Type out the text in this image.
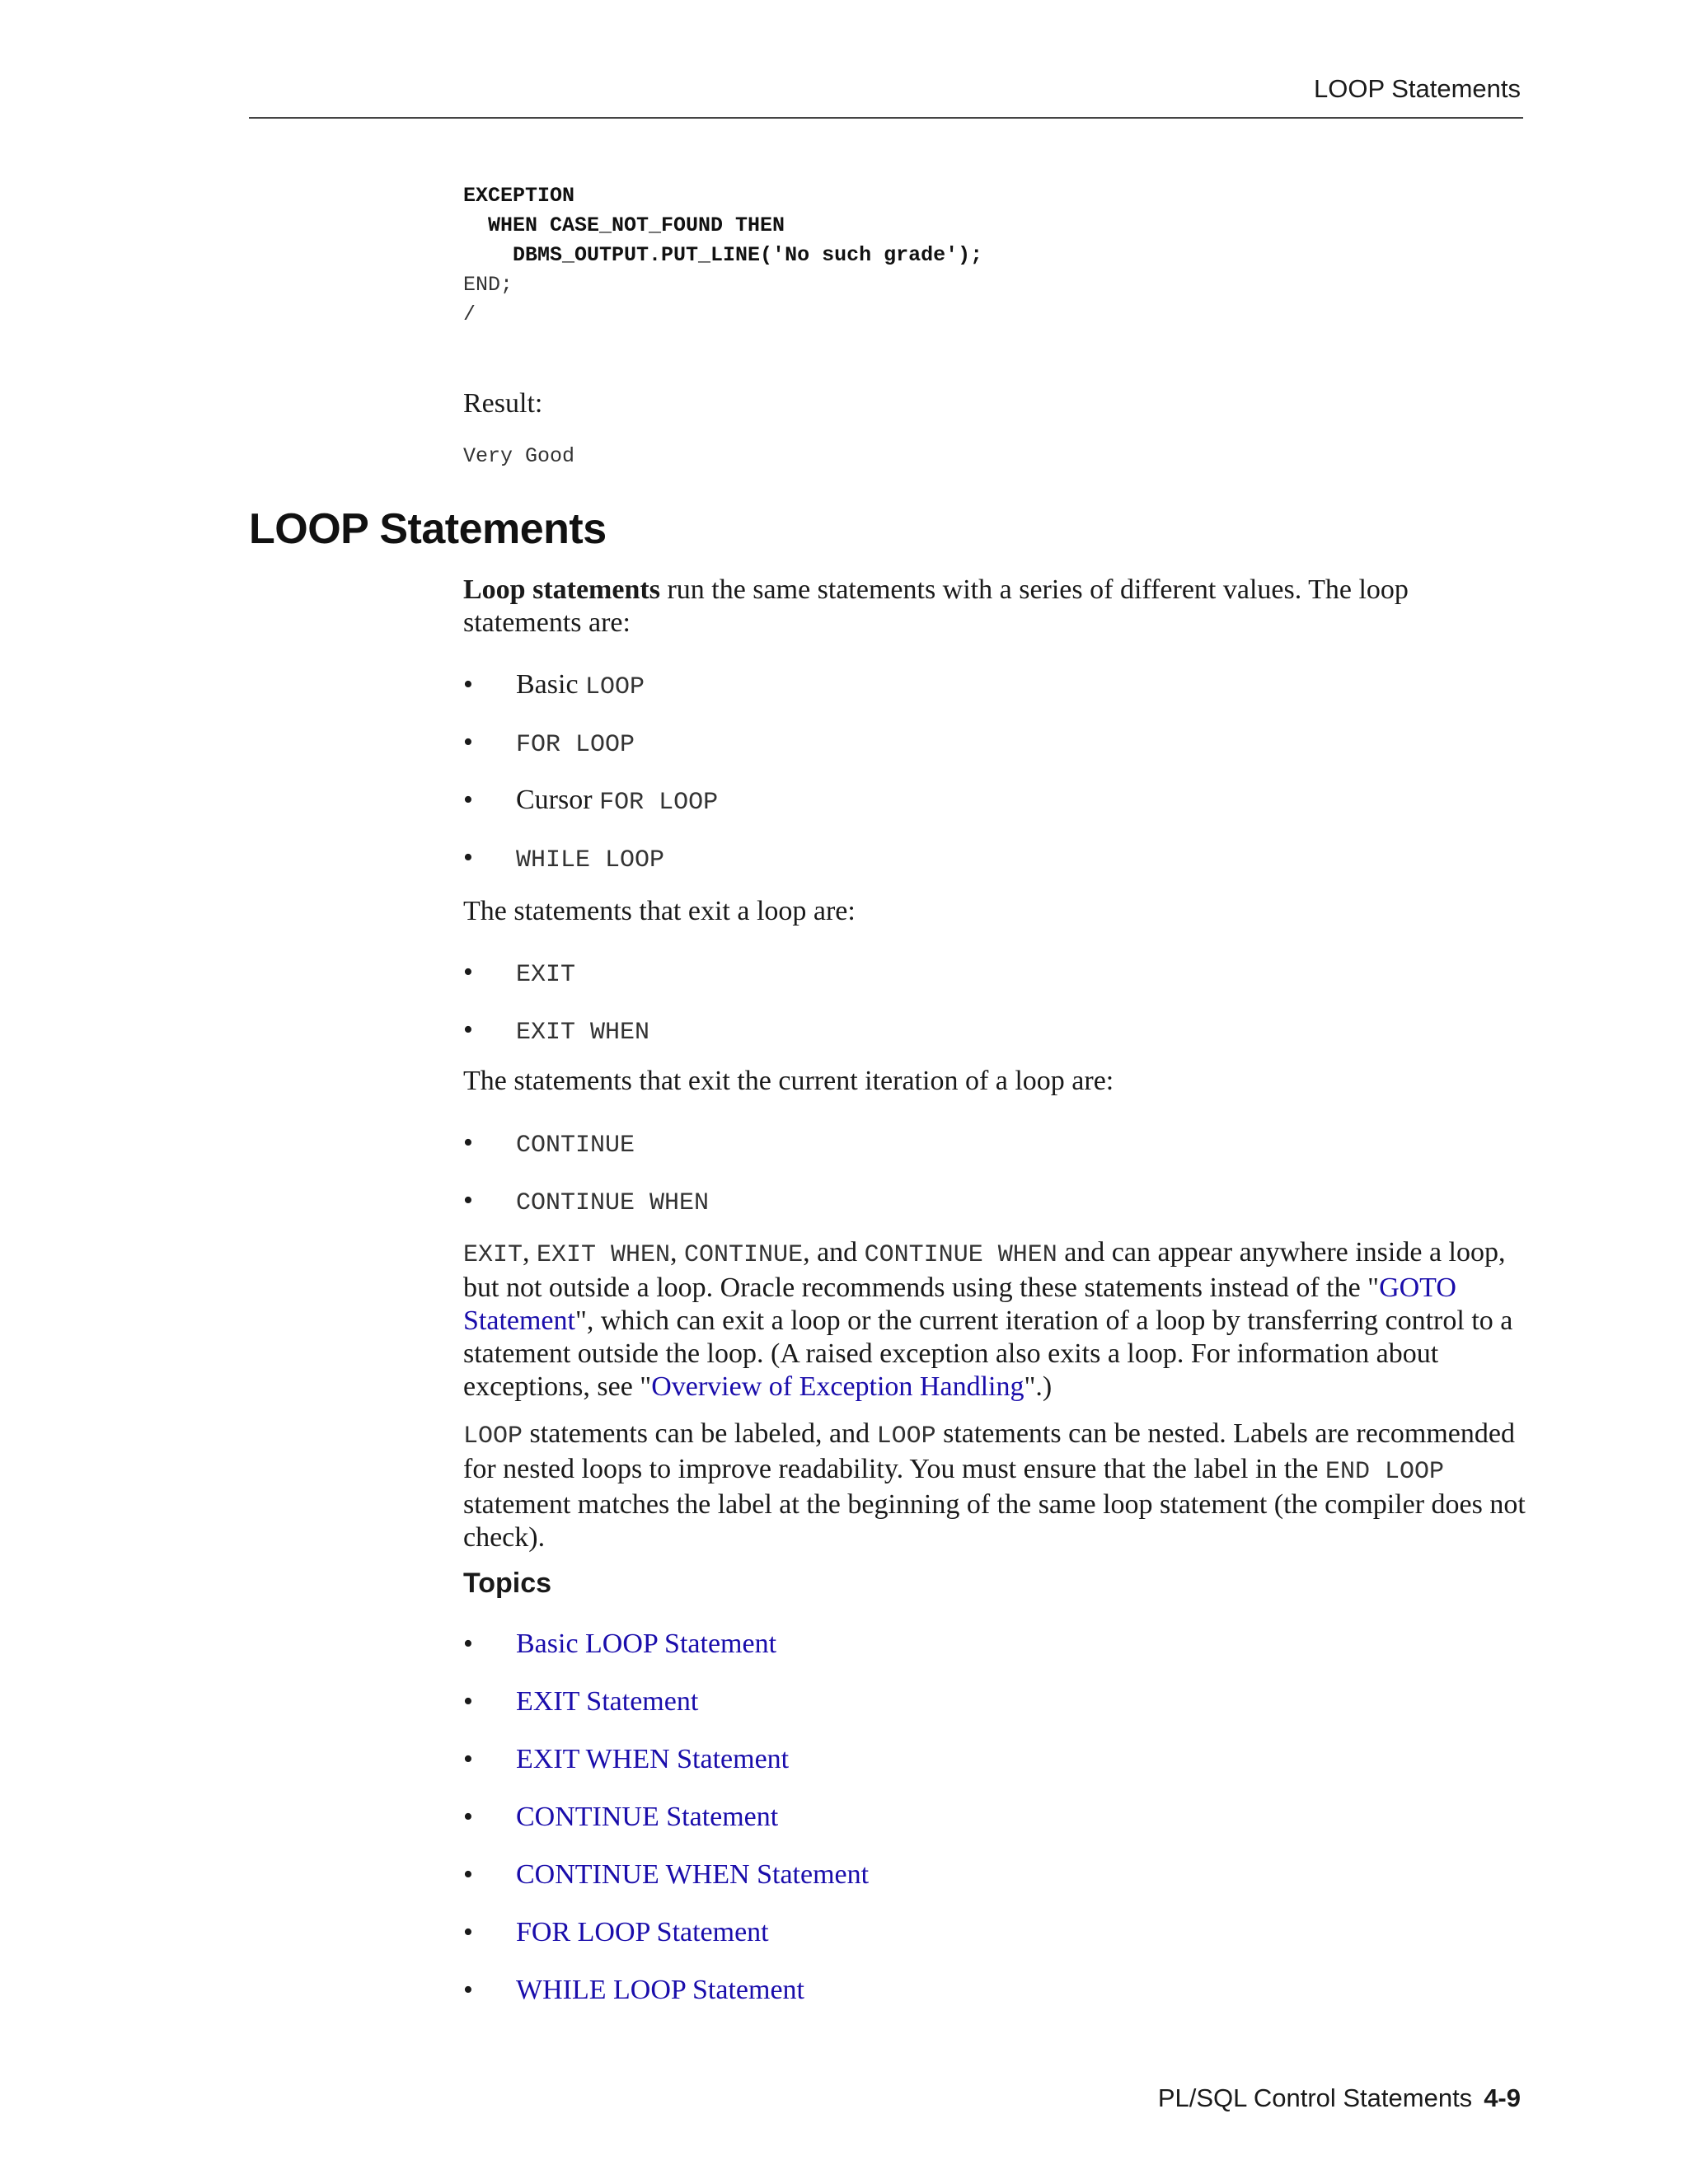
LOOP Statements
EXCEPTION
WHEN CASE_NOT_FOUND THEN
DBMS_OUTPUT.PUT_LINE('No such grade');
END;
/
Result:
Very Good
LOOP Statements
Loop statements run the same statements with a series of different values. The loop statements are:
• Basic LOOP
• FOR LOOP
• Cursor FOR LOOP
• WHILE LOOP
The statements that exit a loop are:
• EXIT
• EXIT WHEN
The statements that exit the current iteration of a loop are:
• CONTINUE
• CONTINUE WHEN
EXIT, EXIT WHEN, CONTINUE, and CONTINUE WHEN and can appear anywhere inside a loop, but not outside a loop. Oracle recommends using these statements instead of the "GOTO Statement", which can exit a loop or the current iteration of a loop by transferring control to a statement outside the loop. (A raised exception also exits a loop. For information about exceptions, see "Overview of Exception Handling".)
LOOP statements can be labeled, and LOOP statements can be nested. Labels are recommended for nested loops to improve readability. You must ensure that the label in the END LOOP statement matches the label at the beginning of the same loop statement (the compiler does not check).
Topics
• Basic LOOP Statement
• EXIT Statement
• EXIT WHEN Statement
• CONTINUE Statement
• CONTINUE WHEN Statement
• FOR LOOP Statement
• WHILE LOOP Statement
PL/SQL Control Statements 4-9
